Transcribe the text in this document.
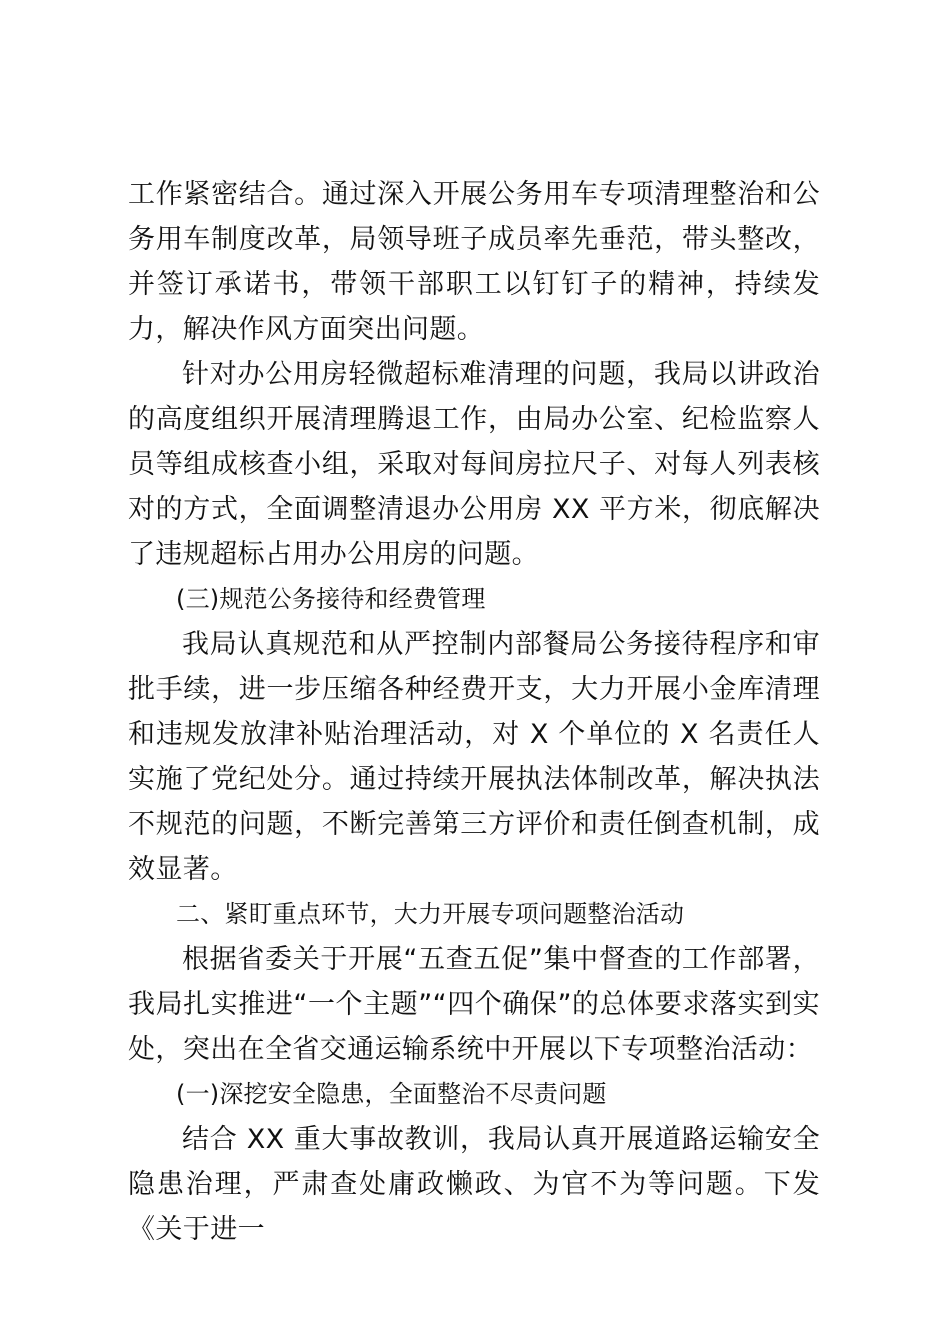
工作紧密结合。通过深入开展公务用车专项清理整治和公务用车制度改革，局领导班子成员率先垂范，带头整改，并签订承诺书，带领干部职工以钉钉子的精神，持续发力，解决作风方面突出问题。

针对办公用房轻微超标难清理的问题，我局以讲政治的高度组织开展清理腾退工作，由局办公室、纪检监察人员等组成核查小组，采取对每间房拉尺子、对每人列表核对的方式，全面调整清退办公用房 XX 平方米，彻底解决了违规超标占用办公用房的问题。

(三)规范公务接待和经费管理

我局认真规范和从严控制内部餐局公务接待程序和审批手续，进一步压缩各种经费开支，大力开展小金库清理和违规发放津补贴治理活动，对 X 个单位的 X 名责任人实施了党纪处分。通过持续开展执法体制改革，解决执法不规范的问题，不断完善第三方评价和责任倒查机制，成效显著。

二、紧盯重点环节，大力开展专项问题整治活动

根据省委关于开展“五查五促”集中督查的工作部署，我局扎实推进“一个主题”“四个确保”的总体要求落实到实处，突出在全省交通运输系统中开展以下专项整治活动：

(一)深挖安全隐患，全面整治不尽责问题

结合 XX 重大事故教训，我局认真开展道路运输安全隐患治理，严肃查处庸政懒政、为官不为等问题。下发《关于进一
